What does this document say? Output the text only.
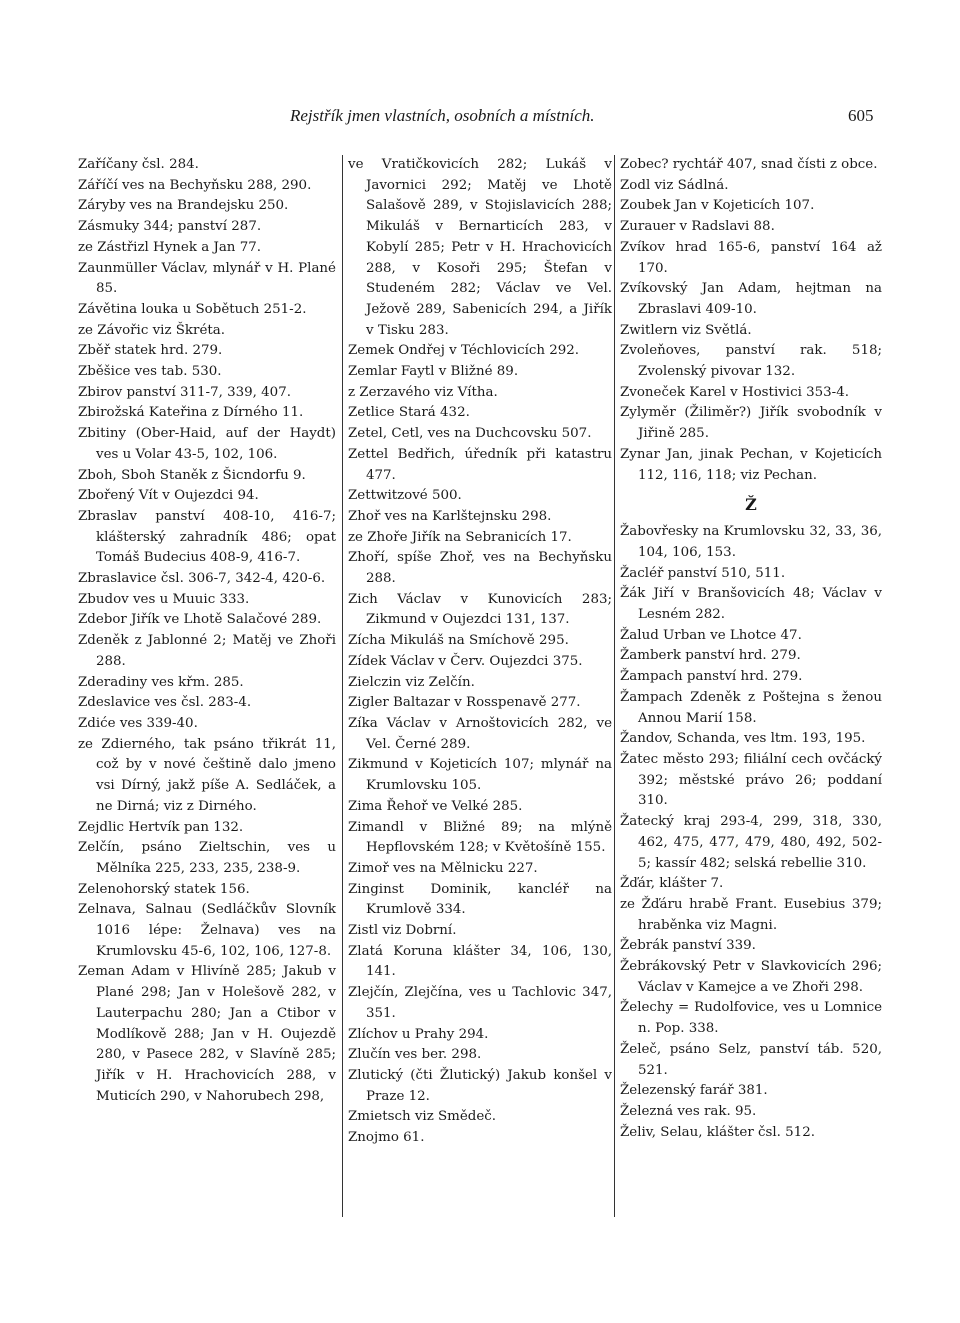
Rejstřík jmen vlastních, osobních a místních.	605

Zaříčany čsl. 284.

Záříčí ves na Bechyňsku 288, 290.

Záryby ves na Brandejsku 250.

Zásmuky 344; panství 287.

ze Zástřizl Hynek a Jan 77.

Zaunmüller Václav, mlynář v H. Plané 85.

Závětina louka u Sobětuch 251-2.

ze Závořic viz Škréta.

Zběř statek hrd. 279.

Zběšice ves tab. 530.

Zbirov panství 311-7, 339, 407.

Zbirožská Kateřina z Dírného 11.

Zbitiny (Ober-Haid, auf der Haydt) ves u Volar 43-5, 102, 106.

Zboh, Sboh Staněk z Šicndorfu 9.

Zbořený Vít v Oujezdci 94.

Zbraslav panství 408-10, 416-7; klášterský zahradník 486; opat Tomáš Budecius 408-9, 416-7.

Zbraslavice čsl. 306-7, 342-4, 420-6.

Zbudov ves u Muuic 333.

Zdebor Jiřík ve Lhotě Salačové 289.

Zdeněk z Jablonné 2; Matěj ve Zhoři 288.

Zderadiny ves křm. 285.

Zdeslavice ves čsl. 283-4.

Zdiće ves 339-40.

ze Zdierného, tak psáno třikrát 11, což by v nové češtině dalo jmeno vsi Dírný, jakž píše A. Sedláček, a ne Dirná; viz z Dirného.

Zejdlic Hertvík pan 132.

Zelčín, psáno Zieltschin, ves u Mělníka 225, 233, 235, 238-9.

Zelenohorský statek 156.

Zelnava, Salnau (Sedláčkův Slovník 1016 lépe: Želnava) ves na Krumlovsku 45-6, 102, 106, 127-8.

Zeman Adam v Hlivíně 285; Jakub v Plané 298; Jan v Holešově 282, v Lauterpachu 280; Jan a Ctibor v Modlíkově 288; Jan v H. Oujezdě 280, v Pasece 282, v Slavíně 285; Jiřík v H. Hrachovicích 288, v Muticích 290, v Nahorubech 298,

ve Vratičkovicích 282; Lukáš v Javornici 292; Matěj ve Lhotě Salašově 289, v Stojislavicích 288; Mikuláš v Bernarticích 283, v Kobylí 285; Petr v H. Hrachovicích 288, v Kosoři 295; Štefan v Studeném 282; Václav ve Vel. Ježově 289, Sabenicích 294, a Jiřík v Tisku 283.

Zemek Ondřej v Téchlovicích 292.

Zemlar Faytl v Bližné 89.

z Zerzavého viz Vítha.

Zetlice Stará 432.

Zetel, Cetl, ves na Duchcovsku 507.

Zettel Bedřich, úředník při katastru 477.

Zettwitzové 500.

Zhoř ves na Karlštejnsku 298.

ze Zhoře Jiřík na Sebranicích 17.

Zhoří, spíše Zhoř, ves na Bechyňsku 288.

Zich Václav v Kunovicích 283; Zikmund v Oujezdci 131, 137.

Zícha Mikuláš na Smíchově 295.

Zídek Václav v Červ. Oujezdci 375.

Zielczin viz Zelčín.

Zigler Baltazar v Rosspenavě 277.

Zíka Václav v Arnoštovicích 282, ve Vel. Černé 289.

Zikmund v Kojeticích 107; mlynář na Krumlovsku 105.

Zima Řehoř ve Velké 285.

Zimandl v Bližné 89; na mlýně Hepflovském 128; v Květošíně 155.

Zimoř ves na Mělnicku 227.

Zinginst Dominik, kancléř na Krumlově 334.

Zistl viz Dobrní.

Zlatá Koruna klášter 34, 106, 130, 141.

Zlejčín, Zlejčína, ves u Tachlovic 347, 351.

Zlíchov u Prahy 294.

Zlučín ves ber. 298.

Zlutický (čti Žlutický) Jakub konšel v Praze 12.

Zmietsch viz Smědeč.

Znojmo 61.

Zobec? rychtář 407, snad čísti z obce.

Zodl viz Sádlná.

Zoubek Jan v Kojeticích 107.

Zurauer v Radslavi 88.

Zvíkov hrad 165-6, panství 164 až 170.

Zvíkovský Jan Adam, hejtman na Zbraslavi 409-10.

Zwitlern viz Světlá.

Zvoleňoves, panství rak. 518; Zvolenský pivovar 132.

Zvoneček Karel v Hostivici 353-4.

Zylyměr (Žiliměr?) Jiřík svobodník v Jiřině 285.

Zynar Jan, jinak Pechan, v Kojeticích 112, 116, 118; viz Pechan.

Ž

Žabovřesky na Krumlovsku 32, 33, 36, 104, 106, 153.

Žacléř panství 510, 511.

Žák Jiří v Branšovicích 48; Václav v Lesném 282.

Žalud Urban ve Lhotce 47.

Žamberk panství hrd. 279.

Žampach panství hrd. 279.

Žampach Zdeněk z Poštejna s ženou Annou Marií 158.

Žandov, Schanda, ves ltm. 193, 195.

Žatec město 293; filiální cech ovčácký 392; městské právo 26; poddaní 310.

Žatecký kraj 293-4, 299, 318, 330, 462, 475, 477, 479, 480, 492, 502-5; kassír 482; selská rebellie 310.

Žďár, klášter 7.

ze Žďáru hrabě Frant. Eusebius 379; hraběnka viz Magni.

Žebrák panství 339.

Žebrákovský Petr v Slavkovicích 296; Václav v Kamejce a ve Zhoři 298.

Želechy = Rudolfovice, ves u Lomnice n. Pop. 338.

Želeč, psáno Selz, panství táb. 520, 521.

Železenský farář 381.

Železná ves rak. 95.

Želiv, Selau, klášter čsl. 512.
